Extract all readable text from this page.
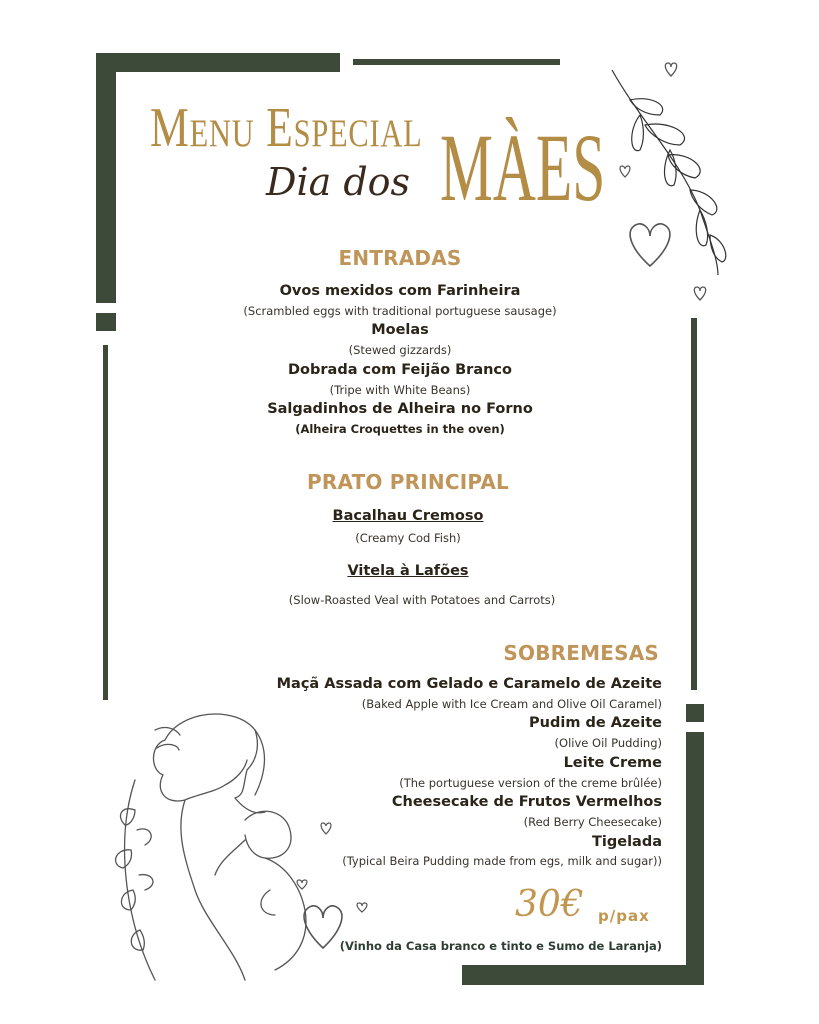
Menu Especial
Dia dos MÀES
ENTRADAS
Ovos mexidos com Farinheira
(Scrambled eggs with traditional portuguese sausage)
Moelas
(Stewed gizzards)
Dobrada com Feijão Branco
(Tripe with White Beans)
Salgadinhos de Alheira no Forno
(Alheira Croquettes in the oven)
PRATO PRINCIPAL
Bacalhau Cremoso
(Creamy Cod Fish)
Vitela à Lafões
(Slow-Roasted Veal with Potatoes and Carrots)
SOBREMESAS
Maçã Assada com Gelado e Caramelo de Azeite
(Baked Apple with Ice Cream and Olive Oil Caramel)
Pudim de Azeite
(Olive Oil Pudding)
Leite Creme
(The portuguese version of the creme brûlée)
Cheesecake de Frutos Vermelhos
(Red Berry Cheesecake)
Tigelada
(Typical Beira Pudding made from egs, milk and sugar))
30€ p/pax
(Vinho da Casa branco e tinto e Sumo de Laranja)
